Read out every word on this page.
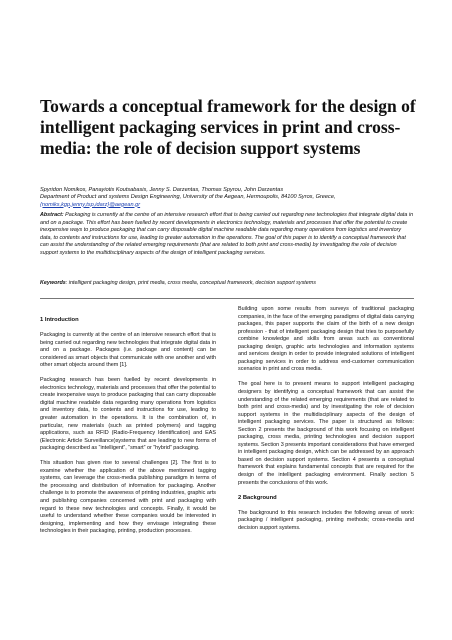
Towards a conceptual framework for the design of intelligent packaging services in print and cross-media: the role of decision support systems
Spyridon Nomikos, Panayiotis Koutsabasis, Jenny S. Darzentas, Thomas Spyrou, John Darzentas
Department of Product and systems Design Engineering, University of the Aegean, Hermoupolis, 84100 Syros, Greece,
{nomiks,kgp,jenny,tsp,idarz}@aegean.gr
Abstract: Packaging is currently at the centre of an intensive research effort that is being carried out regarding new technologies that integrate digital data in and on a package. This effort has been fuelled by recent developments in electronics technology, materials and processes that offer the potential to create inexpensive ways to produce packaging that can carry disposable digital machine readable data regarding many operations from logistics and inventory data, to contents and instructions for use, leading to greater automation in the operations. The goal of this paper is to identify a conceptual framework that can assist the understanding of the related emerging requirements (that are related to both print and cross-media) by investigating the role of decision support systems to the multidisciplinary aspects of the design of intelligent packaging services.
Keywords: intelligent packaging design, print media, cross media, conceptual framework, decision support systems
1 Introduction

Packaging is currently at the centre of an intensive research effort that is being carried out regarding new technologies that integrate digital data in and on a package. Packages (i.e. package and content) can be considered as smart objects that communicate with one another and with other smart objects around them [1].

Packaging research has been fuelled by recent developments in electronics technology, materials and processes that offer the potential to create inexpensive ways to produce packaging that can carry disposable digital machine readable data regarding many operations from logistics and inventory data, to contents and instructions for use, leading to greater automation in the operations. It is the combination of, in particular, new materials (such as printed polymers) and tagging applications, such as RFID (Radio-Frequency Identification) and EAS (Electronic Article Surveillance)systems that are leading to new forms of packaging described as “intelligent”, “smart” or “hybrid” packaging.

This situation has given rise to several challenges [2]. The first is to examine whether the application of the above mentioned tagging systems, can leverage the cross-media publishing paradigm in terms of the processing and distribution of information for packaging. Another challenge is to promote the awareness of printing industries, graphic arts and publishing companies concerned with print and packaging with regard to these new technologies and concepts. Finally, it would be useful to understand whether these companies would be interested in designing, implementing and how they envisage integrating these technologies in their packaging, printing, production processes.

Building upon some results from surveys of traditional packaging companies, in the face of the emerging paradigms of digital data carrying packages, this paper supports the claim of the birth of a new design profession - that of intelligent packaging design that tries to purposefully combine knowledge and skills from areas such as conventional packaging design, graphic arts technologies and information systems and services design in order to provide integrated solutions of intelligent packaging services in order to address end-customer communication scenarios in print and cross media.

The goal here is to present means to support intelligent packaging designers by identifying a conceptual framework that can assist the understanding of the related emerging requirements (that are related to both print and cross-media) and by investigating the role of decision support systems in the multidisciplinary aspects of the design of intelligent packaging services. The paper is structured as follows: Section 2 presents the background of this work focusing on intelligent packaging, cross media, printing technologies and decision support systems. Section 3 presents important considerations that have emerged in intelligent packaging design, which can be addressed by an approach based on decision support systems. Section 4 presents a conceptual framework that explains fundamental concepts that are required for the design of the intelligent packaging environment. Finally section 5 presents the conclusions of this work.

2 Background

The background to this research includes the following areas of work: packaging / intelligent packaging, printing methods; cross-media and decision support systems.
